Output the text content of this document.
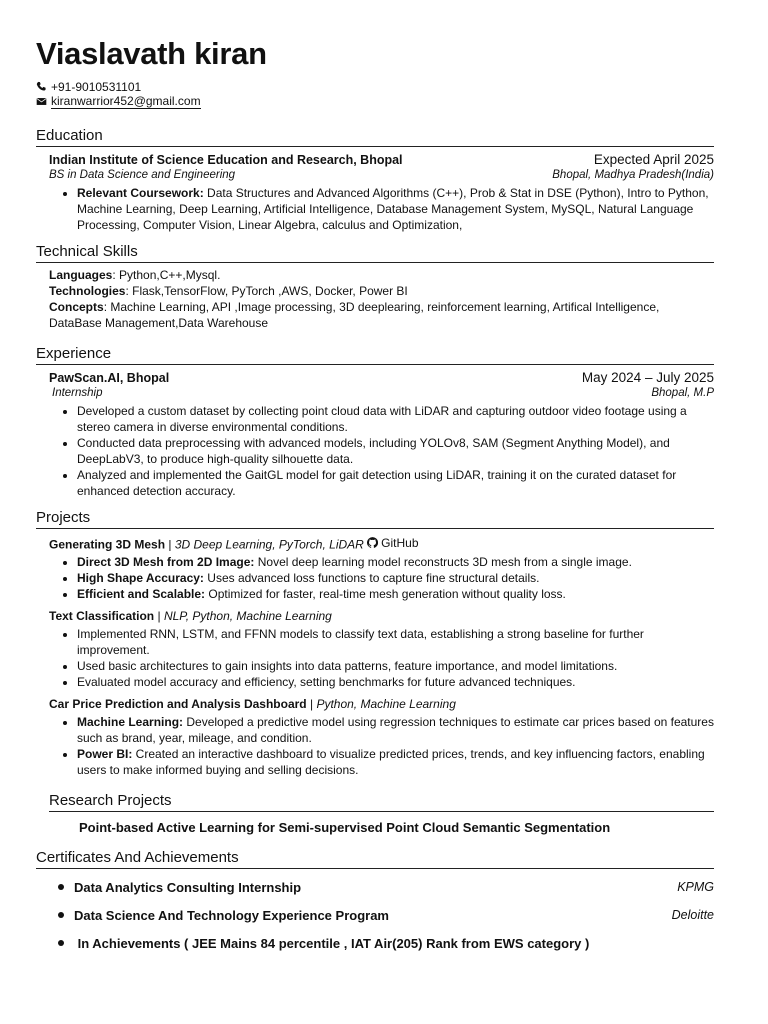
Viaslavath kiran
+91-9010531101
kiranwarrior452@gmail.com
Education
Indian Institute of Science Education and Research, Bhopal	Expected April 2025
BS in Data Science and Engineering	Bhopal, Madhya Pradesh(India)
• Relevant Coursework: Data Structures and Advanced Algorithms (C++), Prob & Stat in DSE (Python), Intro to Python, Machine Learning, Deep Learning, Artificial Intelligence, Database Management System, MySQL, Natural Language Processing, Computer Vision, Linear Algebra, calculus and Optimization,
Technical Skills

Languages: Python,C++,Mysql.

Technologies: Flask,TensorFlow, PyTorch ,AWS, Docker, Power BI

Concepts: Machine Learning, API ,Image processing, 3D deeplearing, reinforcement learning, Artifical Intelligence, DataBase Management,Data Warehouse

Experience
PawScan.AI, Bhopal	May 2024 – July 2025
Internship	Bhopal, M.P
• Developed a custom dataset by collecting point cloud data with LiDAR and capturing outdoor video footage using a stereo camera in diverse environmental conditions.
• Conducted data preprocessing with advanced models, including YOLOv8, SAM (Segment Anything Model), and DeepLabV3, to produce high-quality silhouette data.
• Analyzed and implemented the GaitGL model for gait detection using LiDAR, training it on the curated dataset for enhanced detection accuracy.
Projects
Generating 3D Mesh | 3D Deep Learning, PyTorch, LiDAR GitHub
• Direct 3D Mesh from 2D Image: Novel deep learning model reconstructs 3D mesh from a single image.
• High Shape Accuracy: Uses advanced loss functions to capture fine structural details.
• Efficient and Scalable: Optimized for faster, real-time mesh generation without quality loss.
Text Classification | NLP, Python, Machine Learning
• Implemented RNN, LSTM, and FFNN models to classify text data, establishing a strong baseline for further improvement.
• Used basic architectures to gain insights into data patterns, feature importance, and model limitations.
• Evaluated model accuracy and efficiency, setting benchmarks for future advanced techniques.
Car Price Prediction and Analysis Dashboard | Python, Machine Learning
• Machine Learning: Developed a predictive model using regression techniques to estimate car prices based on features such as brand, year, mileage, and condition.
• Power BI: Created an interactive dashboard to visualize predicted prices, trends, and key influencing factors, enabling users to make informed buying and selling decisions.
Research Projects
Point-based Active Learning for Semi-supervised Point Cloud Semantic Segmentation
Certificates And Achievements
Data Analytics Consulting Internship	KPMG
Data Science And Technology Experience Program	Deloitte
In Achievements ( JEE Mains 84 percentile , IAT Air(205) Rank from EWS category )
